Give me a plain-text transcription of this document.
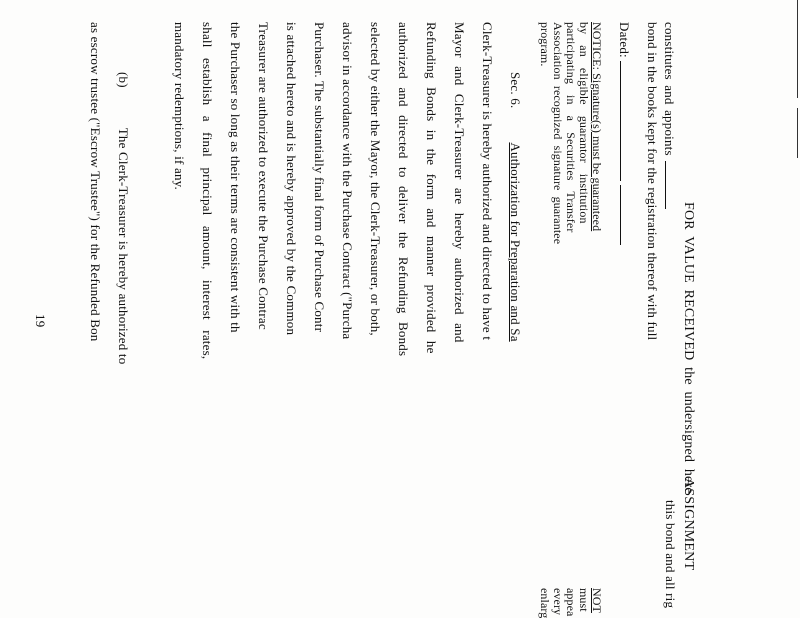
ASSIGNMENT
FOR VALUE RECEIVED the undersigned here
this bond and all rig
constitutes and appoints
bond in the books kept for the registration thereof with full
Dated:
NOTICE: Signature(s) must be guaranteed
by an eligible guarantor institution
participating in a Securities Transfer
Association recognized signature guarantee
program.
NOT
must
appea
every
enlarg
Sec. 6.Authorization for Preparation and Sa
Clerk-Treasurer is hereby authorized and directed to have t
Mayor and Clerk-Treasurer are hereby authorized and
Refunding Bonds in the form and manner provided he
authorized and directed to deliver the Refunding Bonds
selected by either the Mayor, the Clerk-Treasurer, or both,
advisor in accordance with the Purchase Contract ("Purcha
Purchaser. The substantially final form of Purchase Contr
is attached hereto and is hereby approved by the Common
Treasurer are authorized to execute the Purchase Contrac
the Purchaser so long as their terms are consistent with th
shall establish a final principal amount, interest rates,
mandatory redemptions, if any.
(b)The Clerk-Treasurer is hereby authorized to
as escrow trustee ("Escrow Trustee") for the Refunded Bon
19
